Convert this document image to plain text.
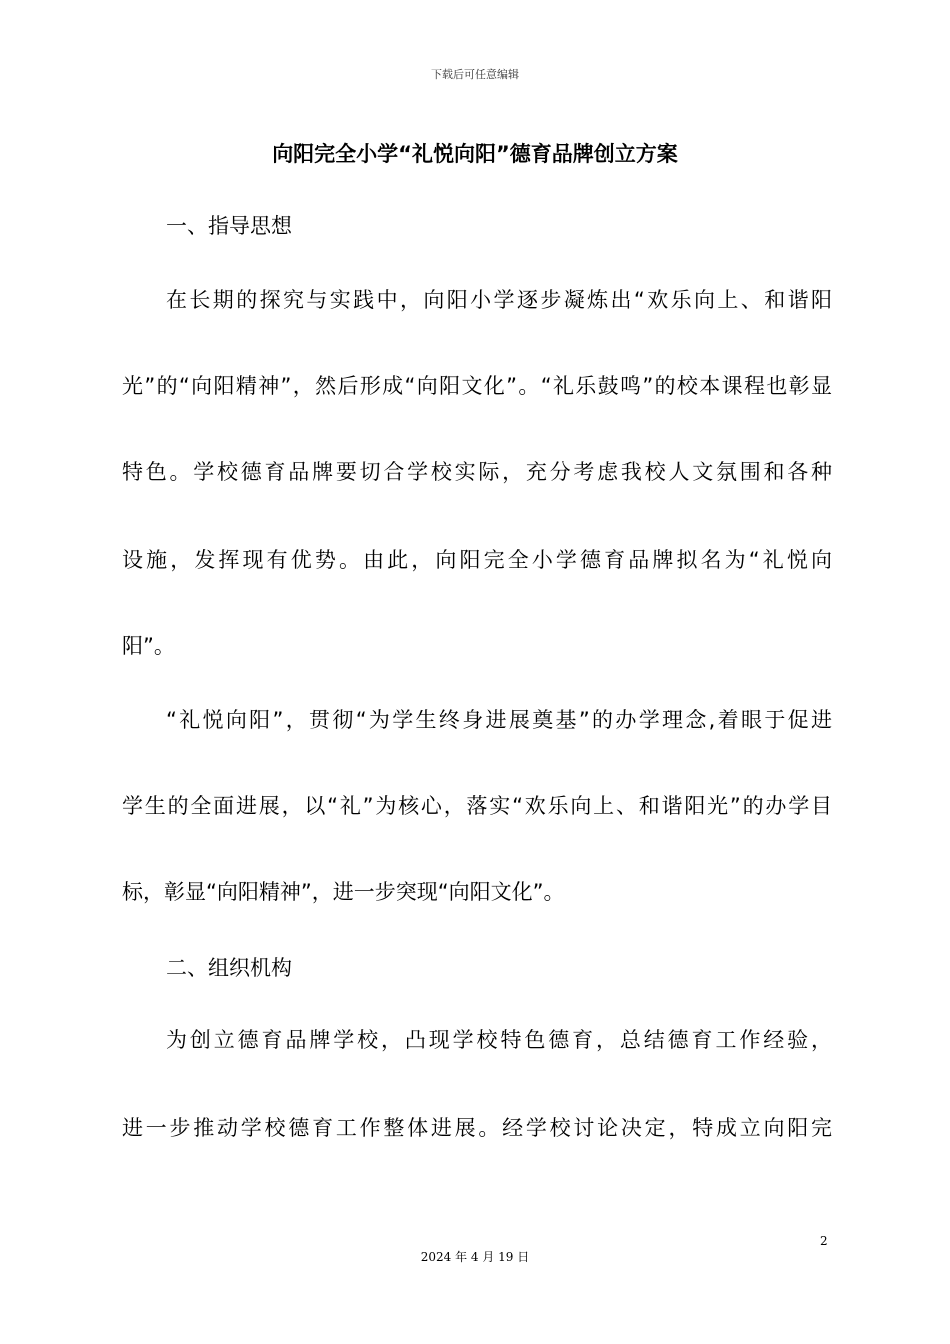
下载后可任意编辑
向阳完全小学“礼悦向阳”德育品牌创立方案
一、指导思想
在长期的探究与实践中，向阳小学逐步凝炼出“欢乐向上、和谐阳
光”的“向阳精神”，然后形成“向阳文化”。“礼乐鼓鸣”的校本课程也彰显
特色。学校德育品牌要切合学校实际，充分考虑我校人文氛围和各种
设施，发挥现有优势。由此，向阳完全小学德育品牌拟名为“礼悦向
阳”。
“礼悦向阳”，贯彻“为学生终身进展奠基”的办学理念,着眼于促进
学生的全面进展，以“礼”为核心，落实“欢乐向上、和谐阳光”的办学目
标，彰显“向阳精神”，进一步突现“向阳文化”。
二、组织机构
为创立德育品牌学校，凸现学校特色德育，总结德育工作经验，
进一步推动学校德育工作整体进展。经学校讨论决定，特成立向阳完
2
2024 年 4 月 19 日
